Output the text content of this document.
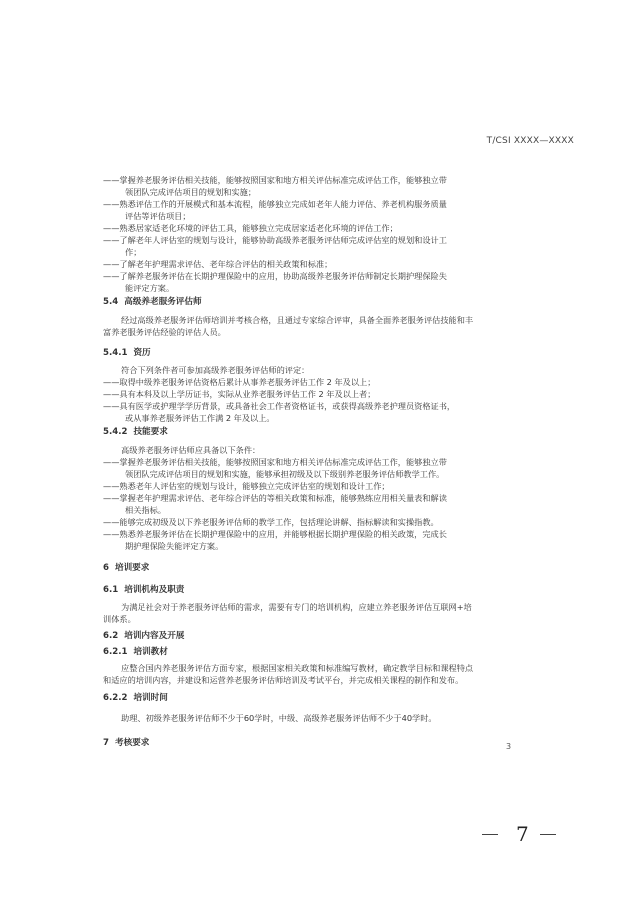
T/CSI XXXX—XXXX
——掌握养老服务评估相关技能，能够按照国家和地方相关评估标准完成评估工作，能够独立带
领团队完成评估项目的规划和实施；
——熟悉评估工作的开展模式和基本流程，能够独立完成如老年人能力评估、养老机构服务质量
评估等评估项目；
——熟悉居家适老化环境的评估工具，能够独立完成居家适老化环境的评估工作；
——了解老年人评估室的规划与设计，能够协助高级养老服务评估师完成评估室的规划和设计工
作；
——了解老年护理需求评估、老年综合评估的相关政策和标准；
——了解养老服务评估在长期护理保险中的应用，协助高级养老服务评估师制定长期护理保险失
能评定方案。
5.4 高级养老服务评估师
经过高级养老服务评估师培训并考核合格，且通过专家综合评审，具备全面养老服务评估技能和丰
富养老服务评估经验的评估人员。
5.4.1 资历
符合下列条件者可参加高级养老服务评估师的评定：
——取得中级养老服务评估资格后累计从事养老服务评估工作 2 年及以上；
——具有本科及以上学历证书，实际从业养老服务评估工作 2 年及以上者；
——具有医学或护理学学历背景，或具备社会工作者资格证书，或获得高级养老护理员资格证书，
或从事养老服务评估工作满 2 年及以上。
5.4.2 技能要求
高级养老服务评估师应具备以下条件：
——掌握养老服务评估相关技能，能够按照国家和地方相关评估标准完成评估工作，能够独立带
领团队完成评估项目的规划和实施，能够承担初级及以下级别养老服务评估师教学工作。
——熟悉老年人评估室的规划与设计，能够独立完成评估室的规划和设计工作；
——掌握老年护理需求评估、老年综合评估的等相关政策和标准，能够熟练应用相关量表和解读
相关指标。
——能够完成初级及以下养老服务评估师的教学工作，包括理论讲解、指标解读和实操指教。
——熟悉养老服务评估在长期护理保险中的应用，并能够根据长期护理保险的相关政策，完成长
期护理保险失能评定方案。
6 培训要求
6.1 培训机构及职责
为满足社会对于养老服务评估师的需求，需要有专门的培训机构，应建立养老服务评估互联网+培
训体系。
6.2 培训内容及开展
6.2.1 培训教材
应整合国内养老服务评估方面专家，根据国家相关政策和标准编写教材，确定教学目标和课程特点
和适应的培训内容，并建设和运营养老服务评估师培训及考试平台，并完成相关课程的制作和发布。
6.2.2 培训时间
助理、初级养老服务评估师不少于60学时，中级、高级养老服务评估师不少于40学时。
7 考核要求	3
7
